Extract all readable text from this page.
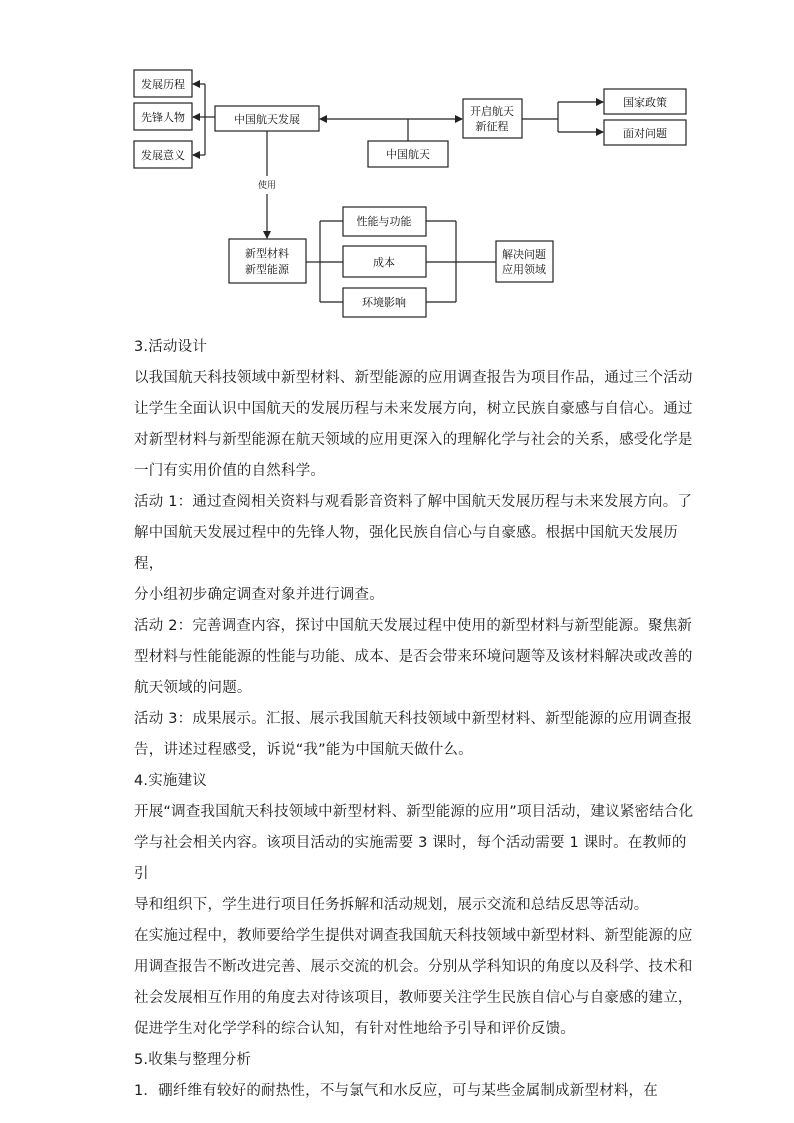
发展历程
先锋人物
发展意义
中国航天发展
中国航天
开启航天
新征程
国家政策
面对问题
使用
新型材料
新型能源
性能与功能
成本
环境影响
解决问题
应用领域

3.活动设计

以我国航天科技领域中新型材料、新型能源的应用调查报告为项目作品，通过三个活动
让学生全面认识中国航天的发展历程与未来发展方向，树立民族自豪感与自信心。通过
对新型材料与新型能源在航天领域的应用更深入的理解化学与社会的关系，感受化学是
一门有实用价值的自然科学。

活动 1：通过查阅相关资料与观看影音资料了解中国航天发展历程与未来发展方向。了
解中国航天发展过程中的先锋人物，强化民族自信心与自豪感。根据中国航天发展历程，
分小组初步确定调查对象并进行调查。

活动 2：完善调查内容，探讨中国航天发展过程中使用的新型材料与新型能源。聚焦新
型材料与性能能源的性能与功能、成本、是否会带来环境问题等及该材料解决或改善的
航天领域的问题。

活动 3：成果展示。汇报、展示我国航天科技领域中新型材料、新型能源的应用调查报
告，讲述过程感受，诉说“我”能为中国航天做什么。

4.实施建议

开展“调查我国航天科技领域中新型材料、新型能源的应用”项目活动，建议紧密结合化
学与社会相关内容。该项目活动的实施需要 3 课时，每个活动需要 1 课时。在教师的引
导和组织下，学生进行项目任务拆解和活动规划，展示交流和总结反思等活动。

在实施过程中，教师要给学生提供对调查我国航天科技领域中新型材料、新型能源的应
用调查报告不断改进完善、展示交流的机会。分别从学科知识的角度以及科学、技术和
社会发展相互作用的角度去对待该项目，教师要关注学生民族自信心与自豪感的建立，
促进学生对化学学科的综合认知，有针对性地给予引导和评价反馈。

5.收集与整理分析

1．硼纤维有较好的耐热性，不与氯气和水反应，可与某些金属制成新型材料，在
